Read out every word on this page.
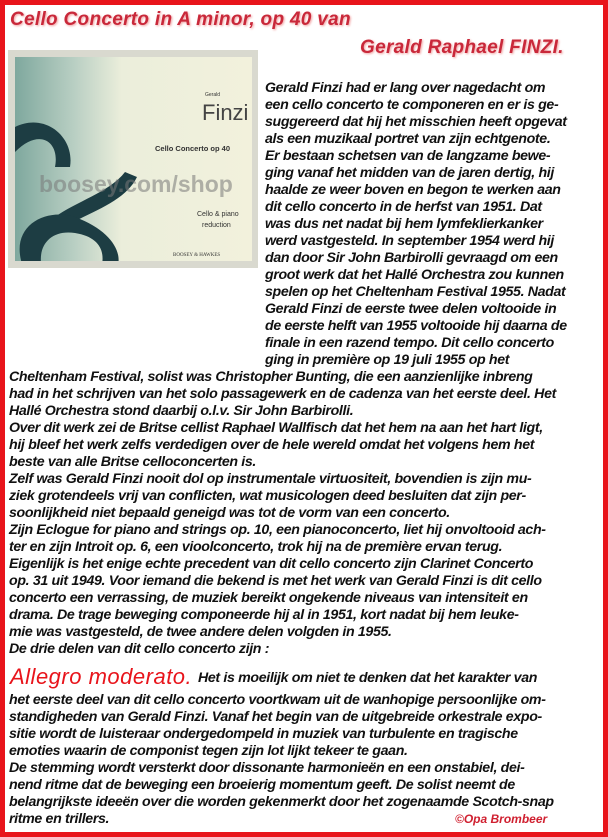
Cello Concerto in A minor, op 40 van
Gerald Raphael FINZI.
Gerald
Finzi
Cello Concerto op 40
boosey.com/shop
Cello & piano
reduction
BOOSEY & HAWKES
Gerald Finzi had er lang over nagedacht om
een cello concerto te componeren en er is ge-
suggereerd dat hij het misschien heeft opgevat
als een muzikaal portret van zijn echtgenote.
Er bestaan schetsen van de langzame bewe-
ging vanaf het midden van de jaren dertig, hij
haalde ze weer boven en begon te werken aan
dit cello concerto in de herfst van 1951. Dat
was dus net nadat bij hem lymfeklierkanker
werd vastgesteld. In september 1954 werd hij
dan door Sir John Barbirolli gevraagd om een
groot werk dat het Hallé Orchestra zou kunnen
spelen op het Cheltenham Festival 1955. Nadat
Gerald Finzi de eerste twee delen voltooide in
de eerste helft van 1955 voltooide hij daarna de
finale in een razend tempo. Dit cello concerto
ging in première op 19 juli 1955 op het
Cheltenham Festival, solist was Christopher Bunting, die een aanzienlijke inbreng
had in het schrijven van het solo passagewerk en de cadenza van het eerste deel. Het
Hallé Orchestra stond daarbij o.l.v. Sir John Barbirolli.
Over dit werk zei de Britse cellist Raphael Wallfisch dat het hem na aan het hart ligt,
hij bleef het werk zelfs verdedigen over de hele wereld omdat het volgens hem het
beste van alle Britse celloconcerten is.
Zelf was Gerald Finzi nooit dol op instrumentale virtuositeit, bovendien is zijn mu-
ziek grotendeels vrij van conflicten, wat musicologen deed besluiten dat zijn per-
soonlijkheid niet bepaald geneigd was tot de vorm van een concerto.
Zijn Eclogue for piano and strings op. 10, een pianoconcerto, liet hij onvoltooid ach-
ter en zijn Introit op. 6, een vioolconcerto, trok hij na de première ervan terug.
Eigenlijk is het enige echte precedent van dit cello concerto zijn Clarinet Concerto
op. 31 uit 1949. Voor iemand die bekend is met het werk van Gerald Finzi is dit cello
concerto een verrassing, de muziek bereikt ongekende niveaus van intensiteit en
drama. De trage beweging componeerde hij al in 1951, kort nadat bij hem leuke-
mie was vastgesteld, de twee andere delen volgden in 1955.
De drie delen van dit cello concerto zijn :
Allegro moderato. Het is moeilijk om niet te denken dat het karakter van
het eerste deel van dit cello concerto voortkwam uit de wanhopige persoonlijke om-
standigheden van Gerald Finzi. Vanaf het begin van de uitgebreide orkestrale expo-
sitie wordt de luisteraar ondergedompeld in muziek van turbulente en tragische
emoties waarin de componist tegen zijn lot lijkt tekeer te gaan.
De stemming wordt versterkt door dissonante harmonieën en een onstabiel, dei-
nend ritme dat de beweging een broeierig momentum geeft. De solist neemt de
belangrijkste ideeën over die worden gekenmerkt door het zogenaamde Scotch-snap
ritme en trillers.	©Opa Brombeer
